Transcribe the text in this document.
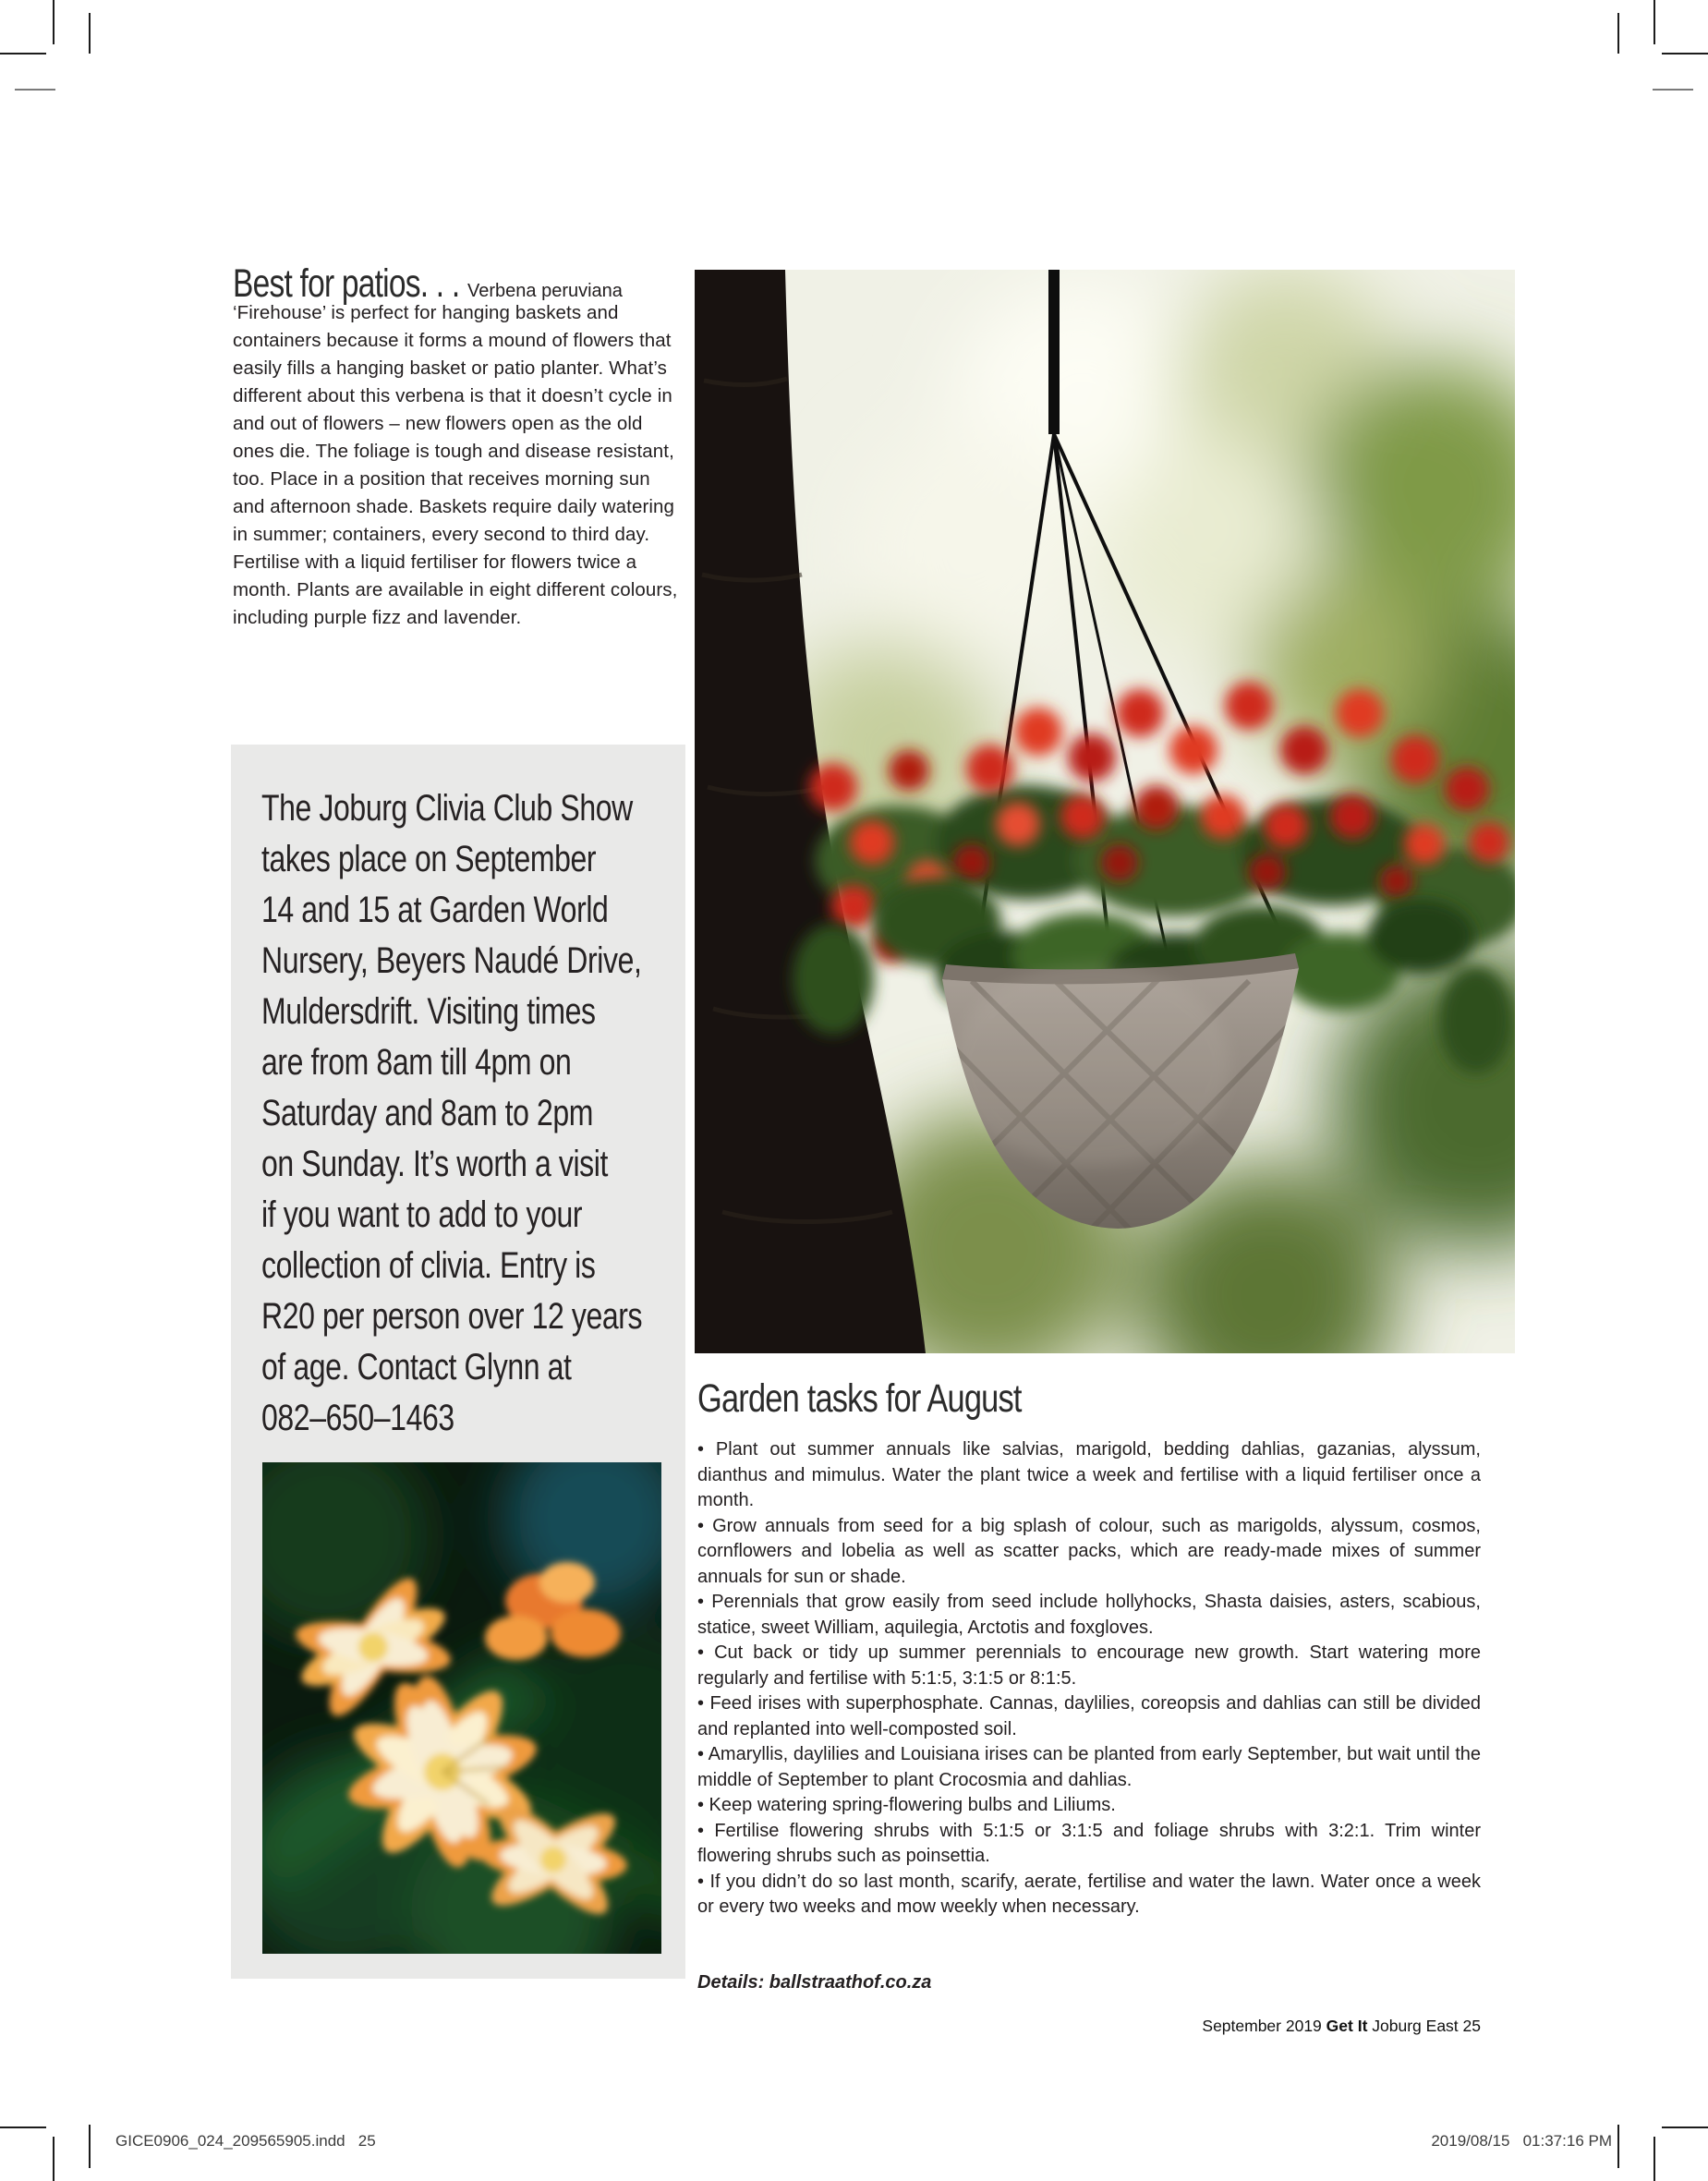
Best for patios. . . Verbena peruviana
‘Firehouse’ is perfect for hanging baskets and containers because it forms a mound of flowers that easily fills a hanging basket or patio planter. What’s different about this verbena is that it doesn’t cycle in and out of flowers – new flowers open as the old ones die. The foliage is tough and disease resistant, too. Place in a position that receives morning sun and afternoon shade. Baskets require daily watering in summer; containers, every second to third day. Fertilise with a liquid fertiliser for flowers twice a month. Plants are available in eight different colours, including purple fizz and lavender.
The Joburg Clivia Club Show
takes place on September
14 and 15 at Garden World
Nursery, Beyers Naudé Drive,
Muldersdrift. Visiting times
are from 8am till 4pm on
Saturday and 8am to 2pm
on Sunday. It’s worth a visit
if you want to add to your
collection of clivia. Entry is
R20 per person over 12 years
of age. Contact Glynn at
082–650–1463	Garden tasks for August

• Plant out summer annuals like salvias, marigold, bedding dahlias, gazanias, alyssum, dianthus and mimulus. Water the plant twice a week and fertilise with a liquid fertiliser once a month.

• Grow annuals from seed for a big splash of colour, such as marigolds, alyssum, cosmos, cornflowers and lobelia as well as scatter packs, which are ready-made mixes of summer annuals for sun or shade.

• Perennials that grow easily from seed include hollyhocks, Shasta daisies, asters, scabious, statice, sweet William, aquilegia, Arctotis and foxgloves.

• Cut back or tidy up summer perennials to encourage new growth. Start watering more regularly and fertilise with 5:1:5, 3:1:5 or 8:1:5.

• Feed irises with superphosphate. Cannas, daylilies, coreopsis and dahlias can still be divided and replanted into well-composted soil.

• Amaryllis, daylilies and Louisiana irises can be planted from early September, but wait until the middle of September to plant Crocosmia and dahlias.

• Keep watering spring-flowering bulbs and Liliums.

• Fertilise flowering shrubs with 5:1:5 or 3:1:5 and foliage shrubs with 3:2:1. Trim winter flowering shrubs such as poinsettia.

• If you didn’t do so last month, scarify, aerate, fertilise and water the lawn. Water once a week or every two weeks and mow weekly when necessary.

Details: ballstraathof.co.za
September 2019 Get It Joburg East 25
GICE0906_024_209565905.indd   25	2019/08/15   01:37:16 PM
